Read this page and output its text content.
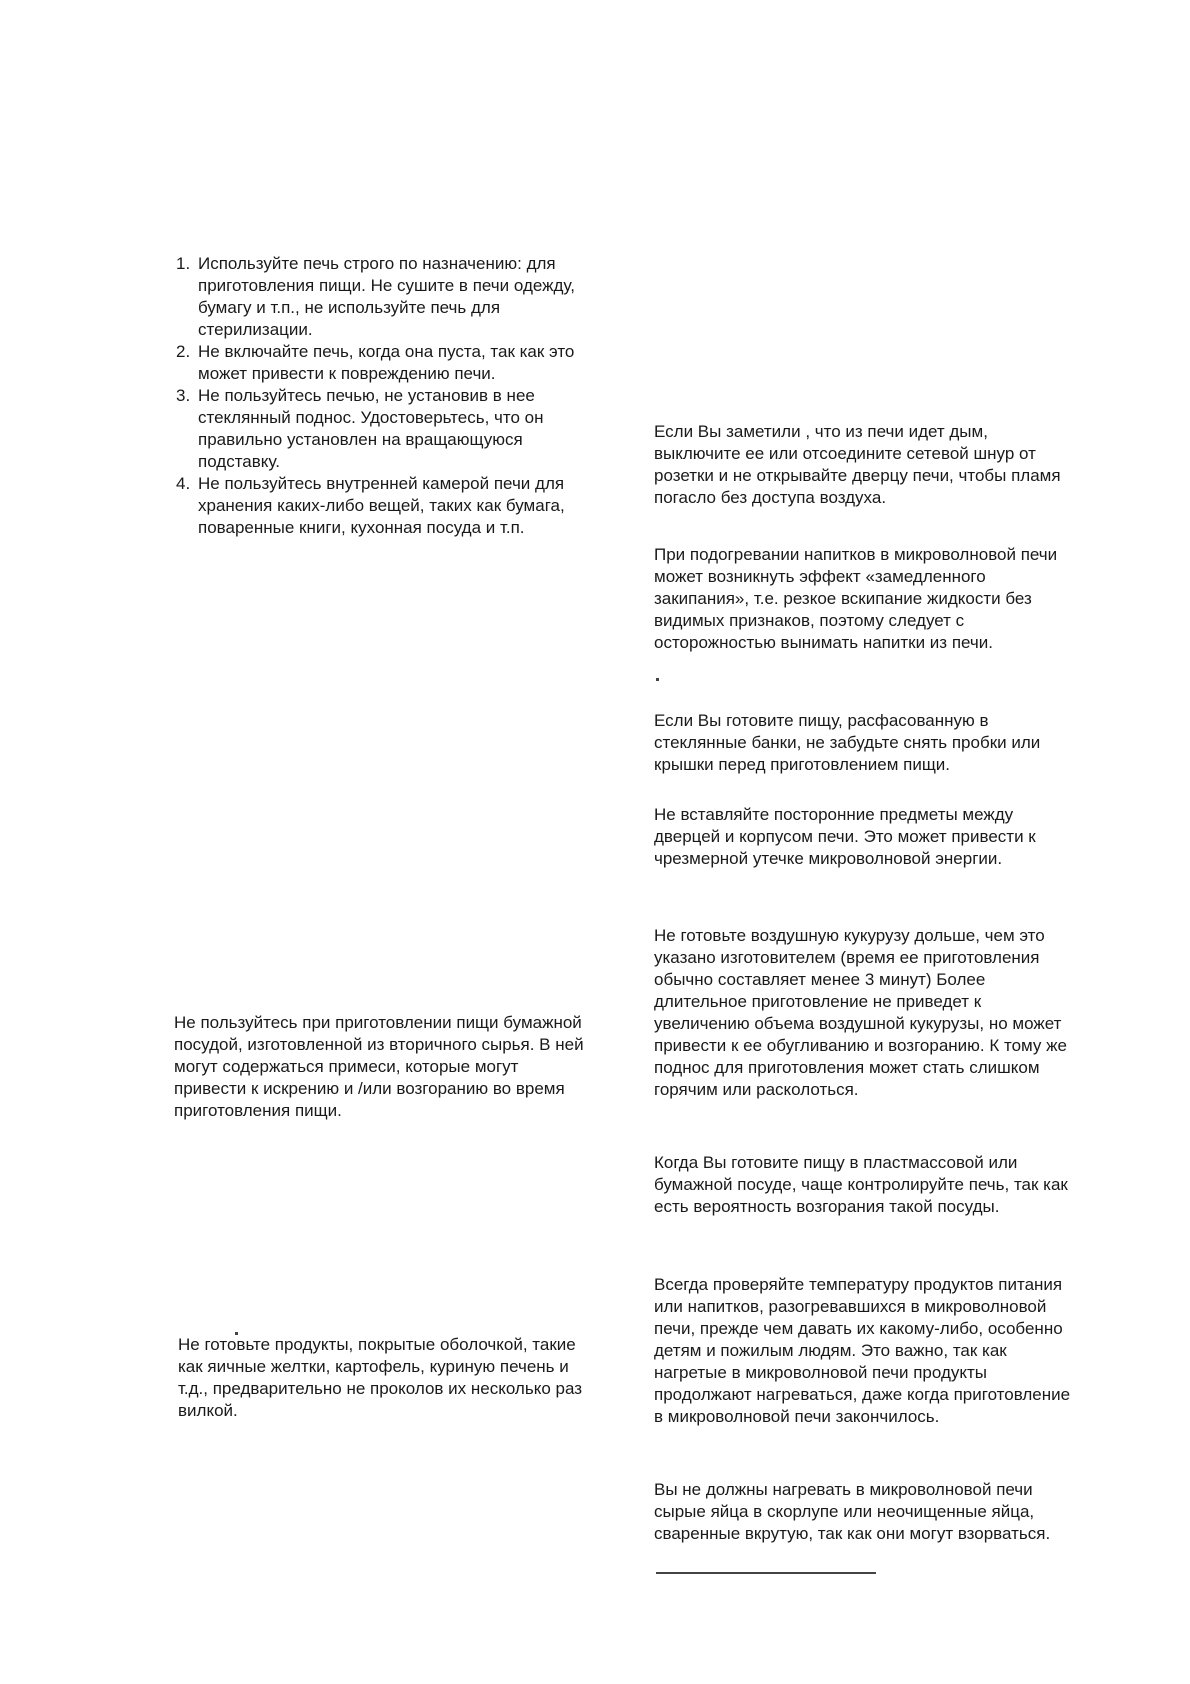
1. Используйте печь строго по назначению: для приготовления пищи. Не сушите в печи одежду, бумагу и т.п., не используйте печь для стерилизации.
2. Не включайте печь, когда она пуста, так как это может привести к повреждению печи.
3. Не пользуйтесь печью, не установив в нее стеклянный поднос. Удостоверьтесь, что он правильно установлен на вращающуюся подставку.
4. Не пользуйтесь внутренней камерой печи для хранения каких-либо вещей, таких как бумага, поваренные книги, кухонная посуда и т.п.

Не пользуйтесь при приготовлении пищи бумажной посудой, изготовленной из вторичного сырья. В ней могут содержаться примеси, которые могут привести к искрению и /или возгоранию во время приготовления пищи.

Не готовьте продукты, покрытые оболочкой, такие как яичные желтки, картофель, куриную печень и т.д., предварительно не проколов их несколько раз вилкой.

Если Вы заметили , что из печи идет дым, выключите ее или отсоедините сетевой шнур от розетки и не открывайте дверцу печи, чтобы пламя погасло без доступа воздуха.

При подогревании напитков в микроволновой печи может возникнуть эффект «замедленного закипания», т.е. резкое вскипание жидкости без видимых признаков, поэтому следует с осторожностью вынимать напитки из печи.

Если Вы готовите пищу, расфасованную в стеклянные банки, не забудьте снять пробки или крышки перед приготовлением пищи.

Не вставляйте посторонние предметы между дверцей и корпусом печи. Это может привести к чрезмерной утечке микроволновой энергии.

Не готовьте воздушную кукурузу дольше, чем это указано изготовителем (время ее приготовления обычно составляет менее 3 минут) Более длительное приготовление не приведет к увеличению объема воздушной кукурузы, но может привести к ее обугливанию и возгоранию. К тому же поднос для приготовления может стать слишком горячим или расколоться.

Когда Вы готовите пищу в пластмассовой или бумажной посуде, чаще контролируйте печь, так как есть вероятность возгорания такой посуды.

Всегда проверяйте температуру продуктов питания или напитков, разогревавшихся в микроволновой печи, прежде чем давать их какому-либо, особенно детям и пожилым людям. Это важно, так как нагретые в микроволновой печи продукты продолжают нагреваться, даже когда приготовление в микроволновой печи закончилось.

Вы не должны нагревать в микроволновой печи сырые яйца в скорлупе или неочищенные яйца, сваренные вкрутую, так как они могут взорваться.
